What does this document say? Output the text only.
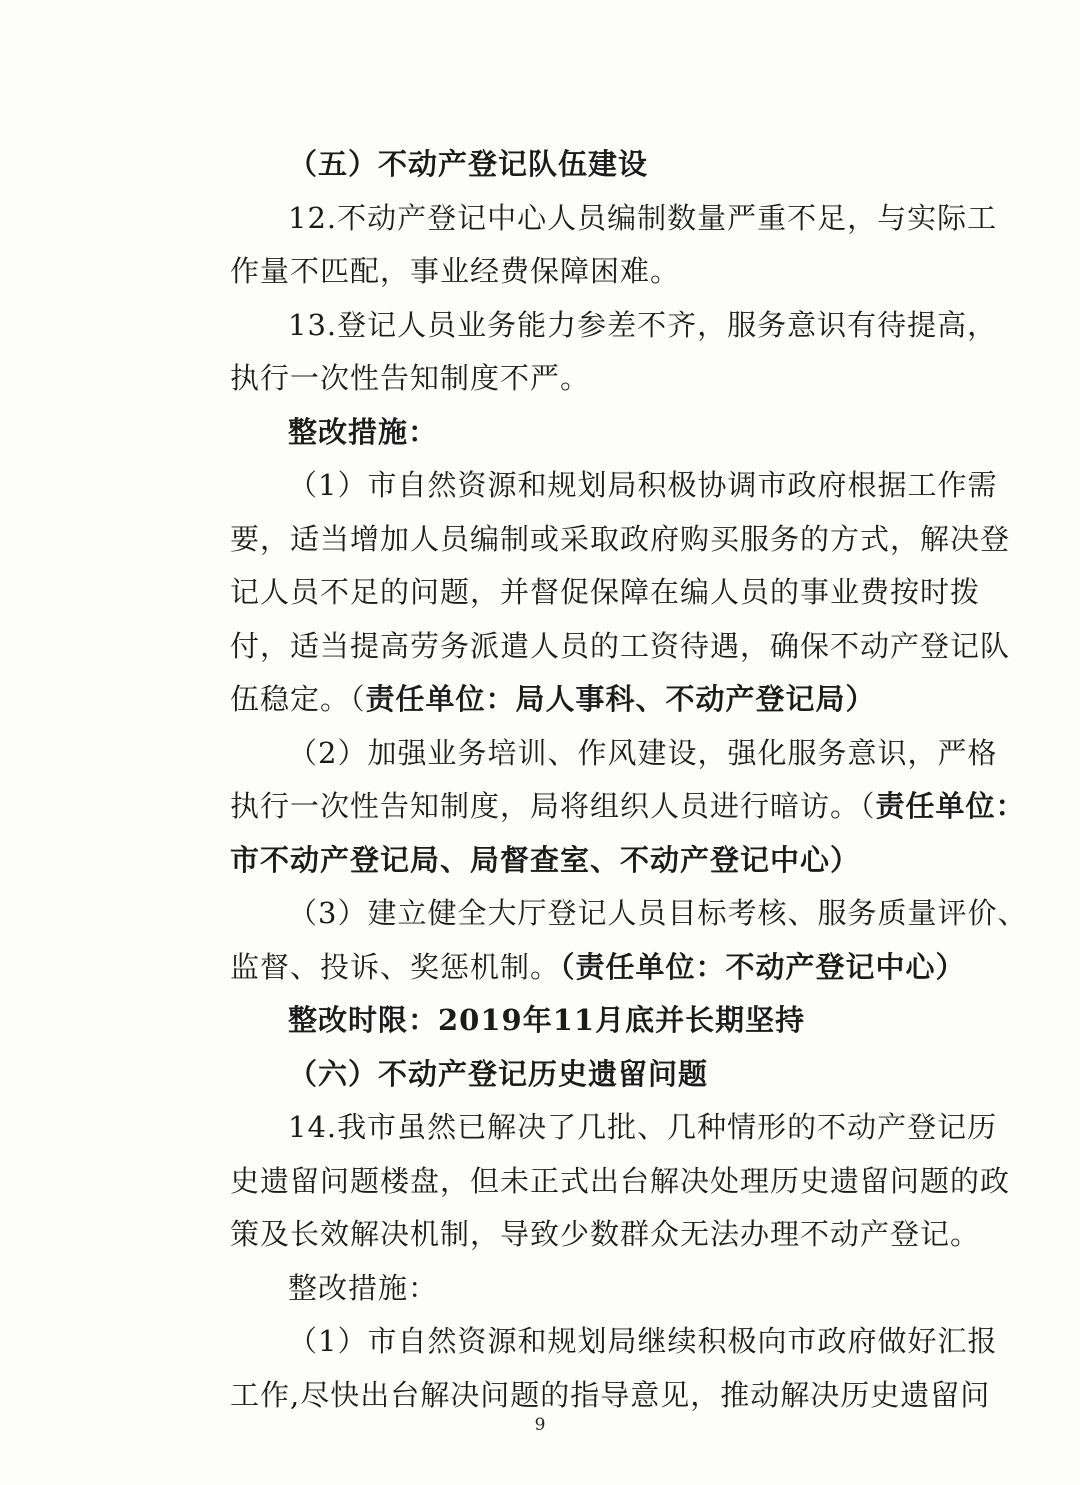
（五）不动产登记队伍建设
12.不动产登记中心人员编制数量严重不足，与实际工
作量不匹配，事业经费保障困难。
13.登记人员业务能力参差不齐，服务意识有待提高，
执行一次性告知制度不严。
整改措施：
（1）市自然资源和规划局积极协调市政府根据工作需
要，适当增加人员编制或采取政府购买服务的方式，解决登
记人员不足的问题，并督促保障在编人员的事业费按时拨
付，适当提高劳务派遣人员的工资待遇，确保不动产登记队
伍稳定。（责任单位：局人事科、不动产登记局）
（2）加强业务培训、作风建设，强化服务意识，严格
执行一次性告知制度，局将组织人员进行暗访。（责任单位：
市不动产登记局、局督查室、不动产登记中心）
（3）建立健全大厅登记人员目标考核、服务质量评价、
监督、投诉、奖惩机制。（责任单位：不动产登记中心）
整改时限：2019年11月底并长期坚持
（六）不动产登记历史遗留问题
14.我市虽然已解决了几批、几种情形的不动产登记历
史遗留问题楼盘，但未正式出台解决处理历史遗留问题的政
策及长效解决机制，导致少数群众无法办理不动产登记。
整改措施：
（1）市自然资源和规划局继续积极向市政府做好汇报
工作,尽快出台解决问题的指导意见，推动解决历史遗留问
9
